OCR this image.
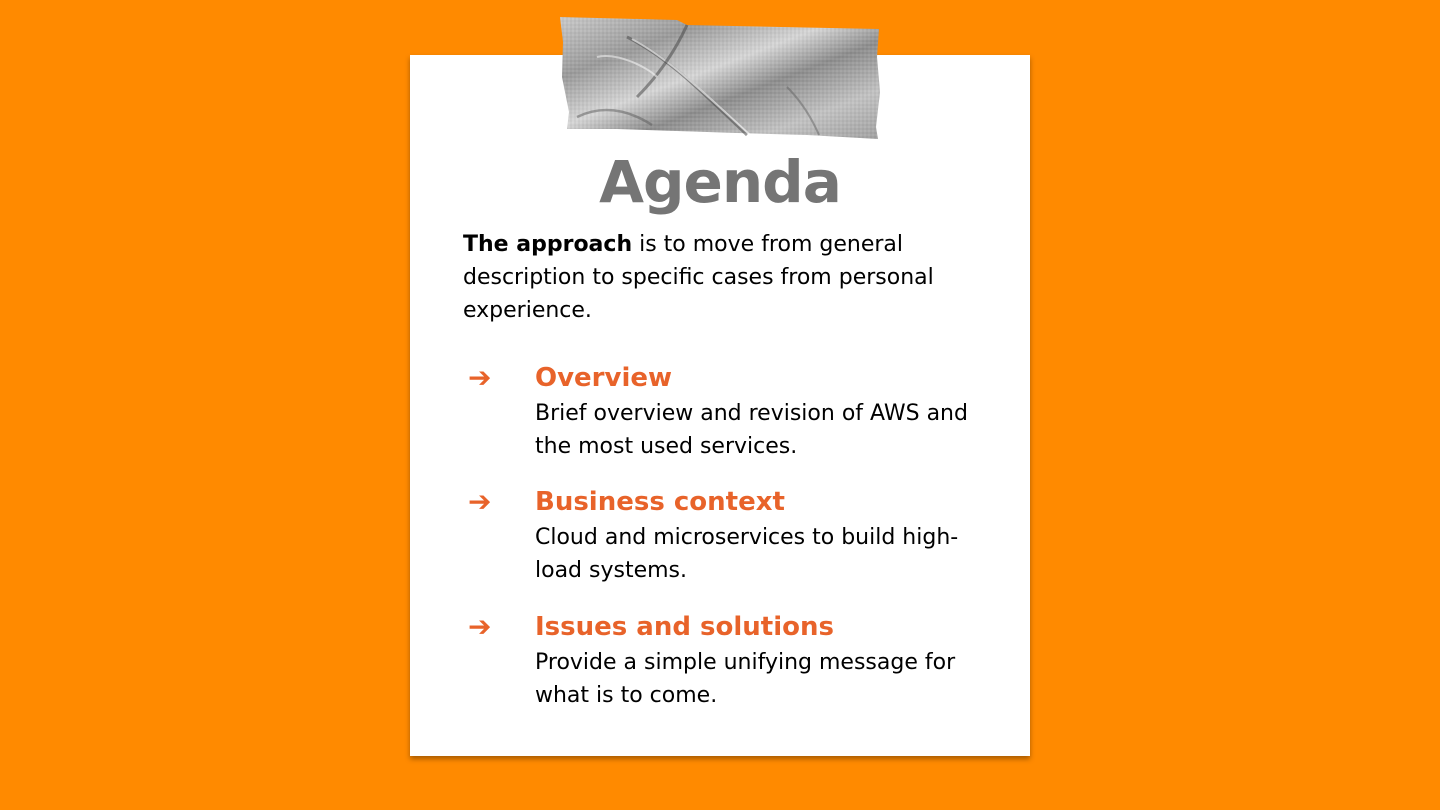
Agenda
The approach is to move from general description to specific cases from personal experience.
➔ Overview
Brief overview and revision of AWS and the most used services.
➔ Business context
Cloud and microservices to build high-load systems.
➔ Issues and solutions
Provide a simple unifying message for what is to come.
